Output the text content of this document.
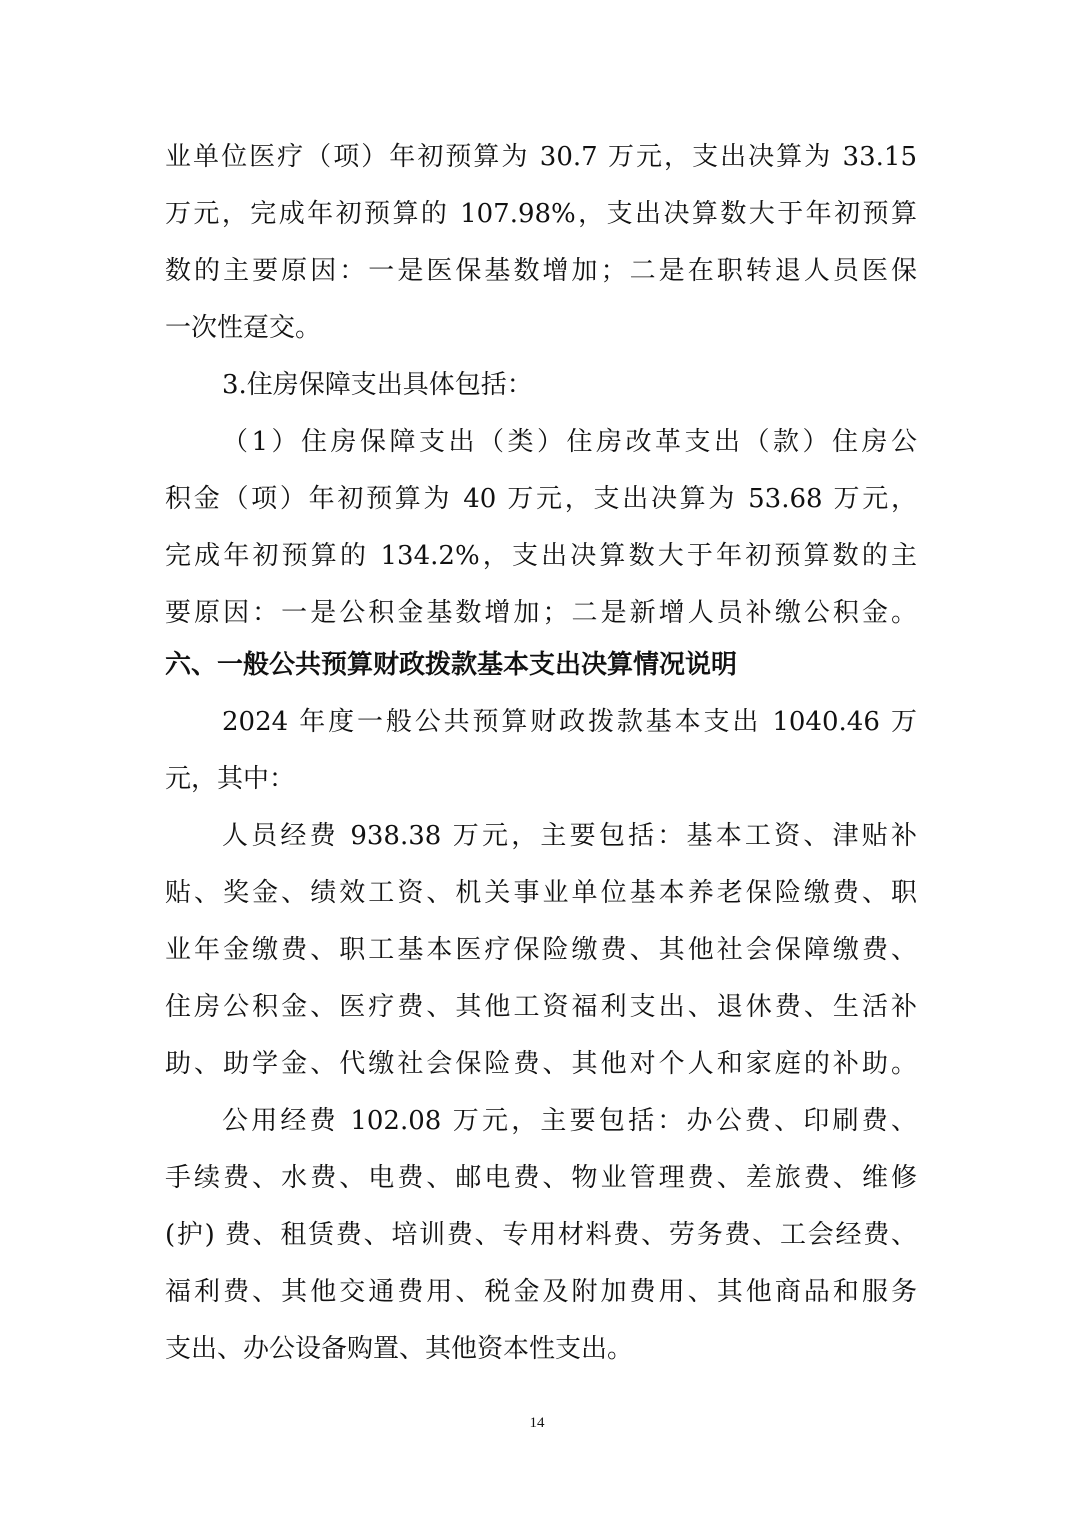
业单位医疗（项）年初预算为 30.7 万元，支出决算为 33.15
万元，完成年初预算的 107.98%，支出决算数大于年初预算
数的主要原因：一是医保基数增加；二是在职转退人员医保
一次性趸交。
3.住房保障支出具体包括：
（1）住房保障支出（类）住房改革支出（款）住房公
积金（项）年初预算为 40 万元，支出决算为 53.68 万元，
完成年初预算的 134.2%，支出决算数大于年初预算数的主
要原因：一是公积金基数增加；二是新增人员补缴公积金。
六、一般公共预算财政拨款基本支出决算情况说明
2024 年度一般公共预算财政拨款基本支出 1040.46 万
元，其中：
人员经费 938.38 万元，主要包括：基本工资、津贴补
贴、奖金、绩效工资、机关事业单位基本养老保险缴费、职
业年金缴费、职工基本医疗保险缴费、其他社会保障缴费、
住房公积金、医疗费、其他工资福利支出、退休费、生活补
助、助学金、代缴社会保险费、其他对个人和家庭的补助。
公用经费 102.08 万元，主要包括：办公费、印刷费、
手续费、水费、电费、邮电费、物业管理费、差旅费、维修
(护) 费、租赁费、培训费、专用材料费、劳务费、工会经费、
福利费、其他交通费用、税金及附加费用、其他商品和服务
支出、办公设备购置、其他资本性支出。
14
